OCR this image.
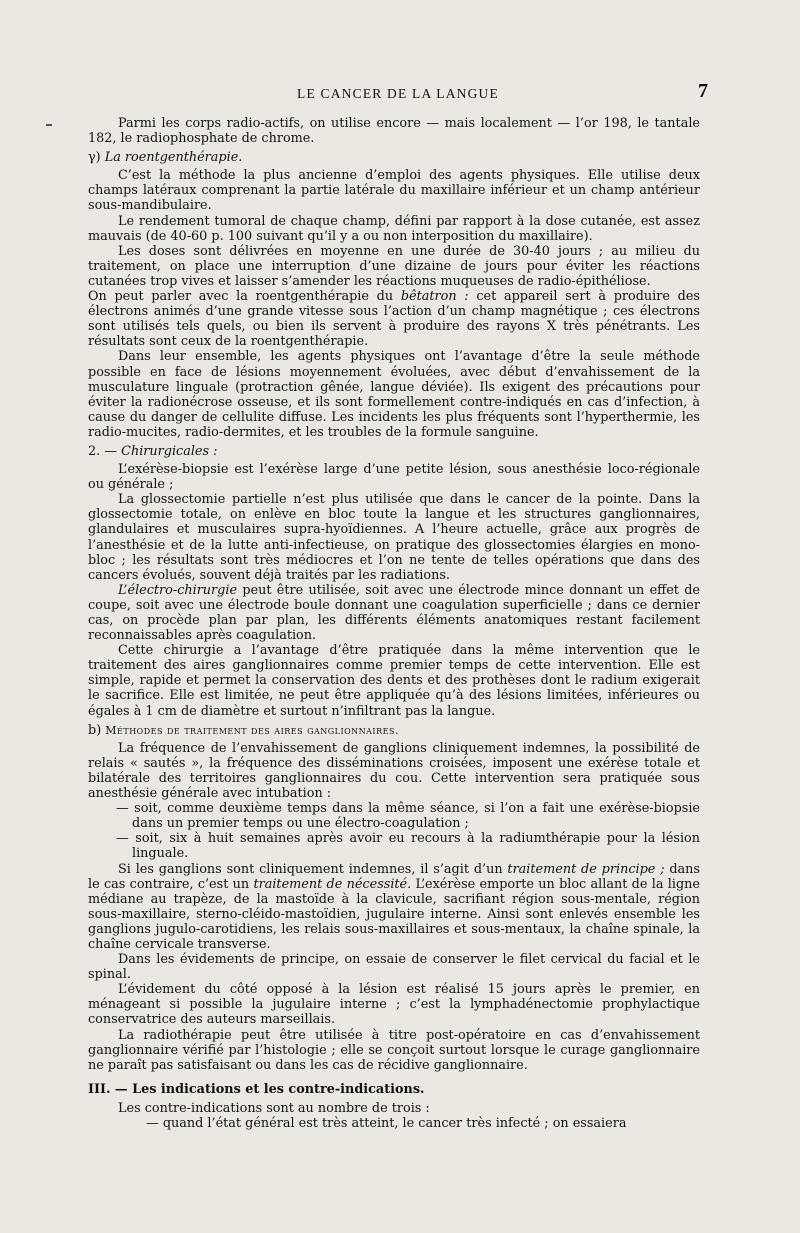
LE CANCER DE LA LANGUE	7

Parmi les corps radio-actifs, on utilise encore — mais localement — l’or 198, le tantale 182, le radiophosphate de chrome.

γ) La roentgenthérapie.

C’est la méthode la plus ancienne d’emploi des agents physiques. Elle utilise deux champs latéraux comprenant la partie latérale du maxillaire inférieur et un champ antérieur sous-mandibulaire.

Le rendement tumoral de chaque champ, défini par rapport à la dose cutanée, est assez mauvais (de 40-60 p. 100 suivant qu’il y a ou non interposition du maxillaire).

Les doses sont délivrées en moyenne en une durée de 30-40 jours ; au milieu du traitement, on place une interruption d’une dizaine de jours pour éviter les réactions cutanées trop vives et laisser s’amender les réactions muqueuses de radio-épithéliose.

On peut parler avec la roentgenthérapie du bêtatron : cet appareil sert à produire des électrons animés d’une grande vitesse sous l’action d’un champ magnétique ; ces électrons sont utilisés tels quels, ou bien ils servent à produire des rayons X très pénétrants. Les résultats sont ceux de la roentgenthérapie.

Dans leur ensemble, les agents physiques ont l’avantage d’être la seule méthode possible en face de lésions moyennement évoluées, avec début d’envahissement de la musculature linguale (protraction gênée, langue déviée). Ils exigent des précautions pour éviter la radionécrose osseuse, et ils sont formellement contre-indiqués en cas d’infection, à cause du danger de cellulite diffuse. Les incidents les plus fréquents sont l’hyperthermie, les radio-mucites, radio-dermites, et les troubles de la formule sanguine.

2. — Chirurgicales :

L’exérèse-biopsie est l’exérèse large d’une petite lésion, sous anesthésie loco-régionale ou générale ;

La glossectomie partielle n’est plus utilisée que dans le cancer de la pointe. Dans la glossectomie totale, on enlève en bloc toute la langue et les structures ganglionnaires, glandulaires et musculaires supra-hyoïdiennes. A l’heure actuelle, grâce aux progrès de l’anesthésie et de la lutte anti-infectieuse, on pratique des glossectomies élargies en mono-bloc ; les résultats sont très médiocres et l’on ne tente de telles opérations que dans des cancers évolués, souvent déjà traités par les radiations.

L’électro-chirurgie peut être utilisée, soit avec une électrode mince donnant un effet de coupe, soit avec une électrode boule donnant une coagulation superficielle ; dans ce dernier cas, on procède plan par plan, les différents éléments anatomiques restant facilement reconnaissables après coagulation.

Cette chirurgie a l’avantage d’être pratiquée dans la même intervention que le traitement des aires ganglionnaires comme premier temps de cette intervention. Elle est simple, rapide et permet la conservation des dents et des prothèses dont le radium exigerait le sacrifice. Elle est limitée, ne peut être appliquée qu’à des lésions limitées, inférieures ou égales à 1 cm de diamètre et surtout n’infiltrant pas la langue.

b) Méthodes de traitement des aires ganglionnaires.

La fréquence de l’envahissement de ganglions cliniquement indemnes, la possibilité de relais « sautés », la fréquence des disséminations croisées, imposent une exérèse totale et bilatérale des territoires ganglionnaires du cou. Cette intervention sera pratiquée sous anesthésie générale avec intubation :

— soit, comme deuxième temps dans la même séance, si l’on a fait une exérèse-biopsie dans un premier temps ou une électro-coagulation ;

— soit, six à huit semaines après avoir eu recours à la radiumthérapie pour la lésion linguale.

Si les ganglions sont cliniquement indemnes, il s’agit d’un traitement de principe ; dans le cas contraire, c’est un traitement de nécessité. L’exérèse emporte un bloc allant de la ligne médiane au trapèze, de la mastoïde à la clavicule, sacrifiant région sous-mentale, région sous-maxillaire, sterno-cléido-mastoïdien, jugulaire interne. Ainsi sont enlevés ensemble les ganglions jugulo-carotidiens, les relais sous-maxillaires et sous-mentaux, la chaîne spinale, la chaîne cervicale transverse.

Dans les évidements de principe, on essaie de conserver le filet cervical du facial et le spinal.

L’évidement du côté opposé à la lésion est réalisé 15 jours après le premier, en ménageant si possible la jugulaire interne ; c’est la lymphadénectomie prophylactique conservatrice des auteurs marseillais.

La radiothérapie peut être utilisée à titre post-opératoire en cas d’envahissement ganglionnaire vérifié par l’histologie ; elle se conçoit surtout lorsque le curage ganglionnaire ne paraît pas satisfaisant ou dans les cas de récidive ganglionnaire.

III. — Les indications et les contre-indications.

Les contre-indications sont au nombre de trois :

— quand l’état général est très atteint, le cancer très infecté ; on essaiera
